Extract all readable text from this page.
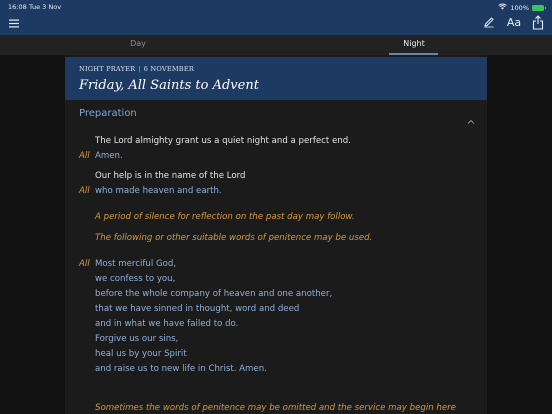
16:08 Tue 3 Nov	100%
Aa
Day	Night
NIGHT PRAYER | 6 NOVEMBER
Friday, All Saints to Advent
Preparation
The Lord almighty grant us a quiet night and a perfect end.
All Amen.
Our help is in the name of the Lord
All who made heaven and earth.
A period of silence for reflection on the past day may follow.
The following or other suitable words of penitence may be used.
All Most merciful God,
we confess to you,
before the whole company of heaven and one another,
that we have sinned in thought, word and deed
and in what we have failed to do.
Forgive us our sins,
heal us by your Spirit
and raise us to new life in Christ. Amen.
Sometimes the words of penitence may be omitted and the service may begin here
